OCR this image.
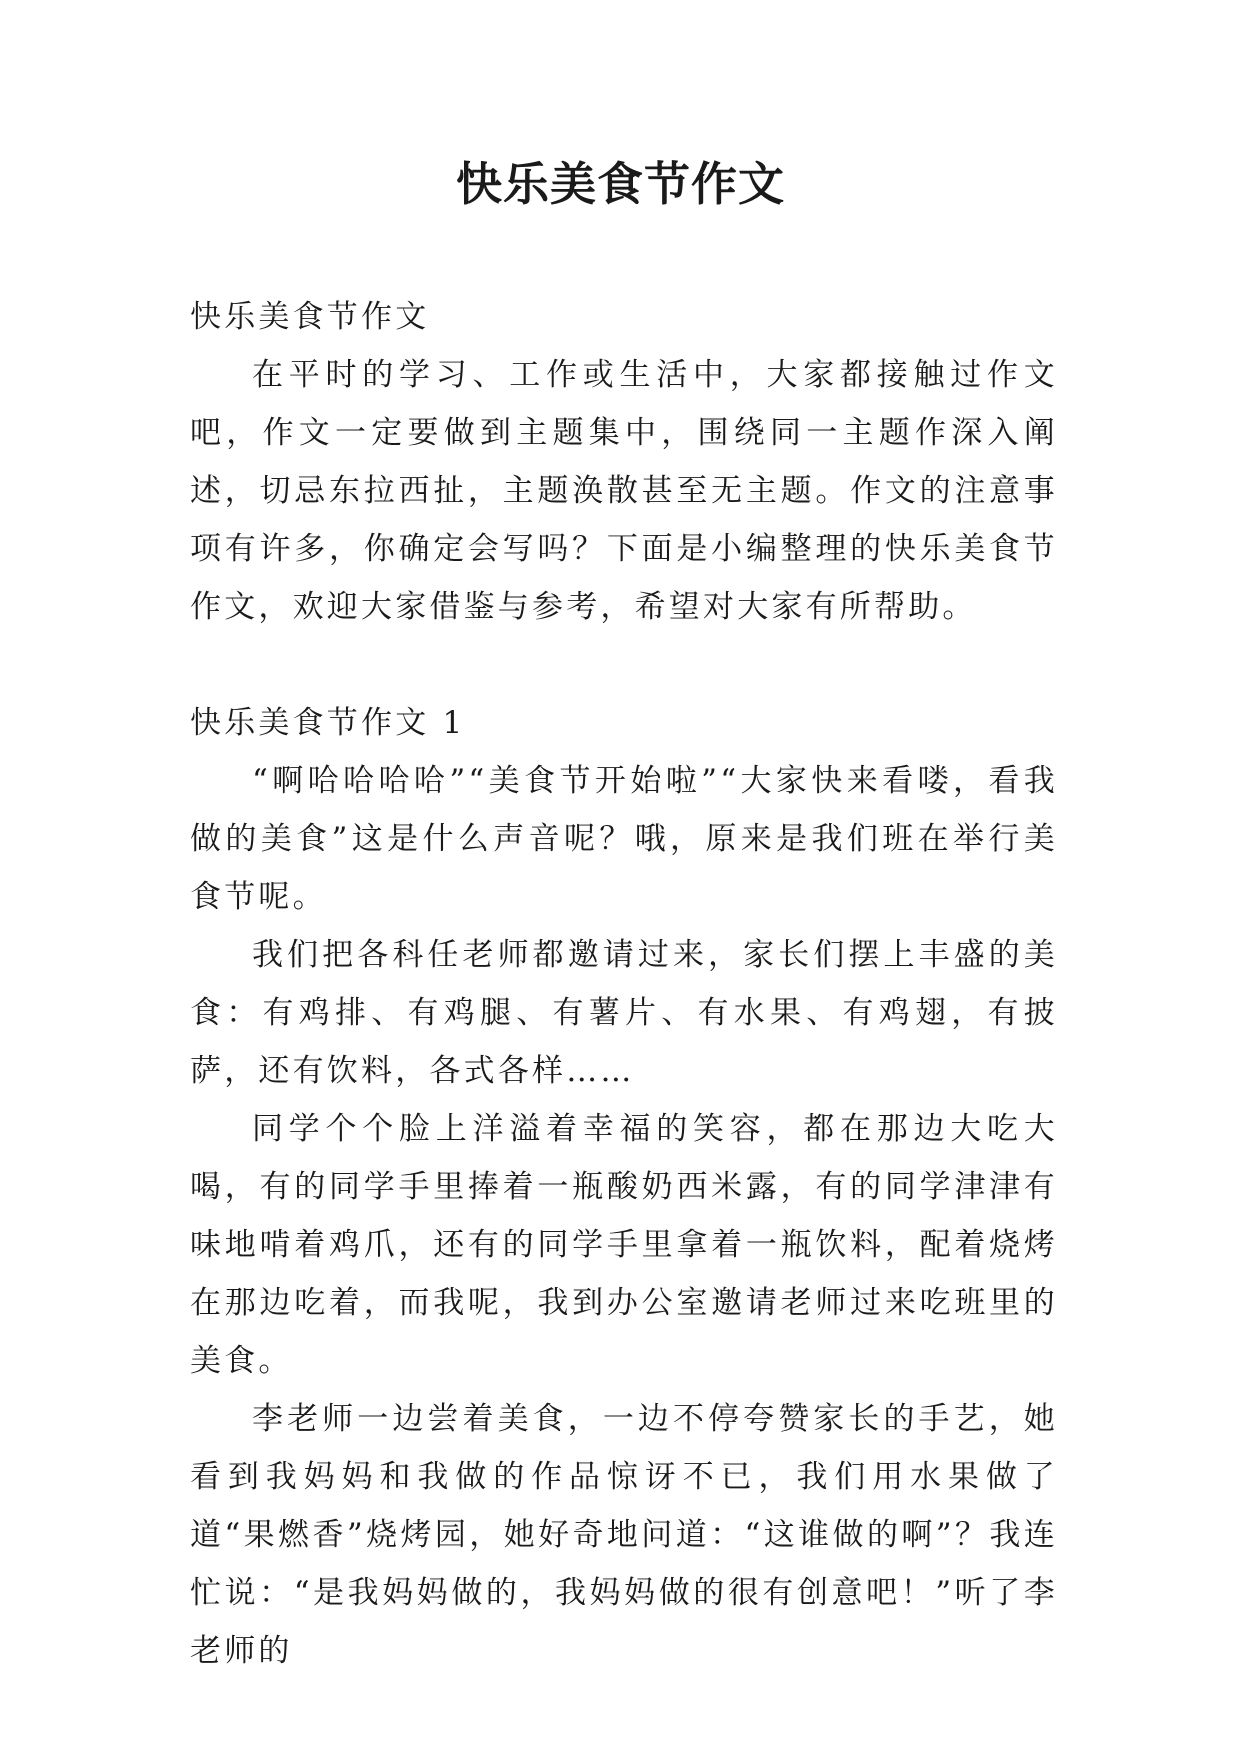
快乐美食节作文

快乐美食节作文

在平时的学习、工作或生活中，大家都接触过作文吧，作文一定要做到主题集中，围绕同一主题作深入阐述，切忌东拉西扯，主题涣散甚至无主题。作文的注意事项有许多，你确定会写吗？下面是小编整理的快乐美食节作文，欢迎大家借鉴与参考，希望对大家有所帮助。

快乐美食节作文 1

“啊哈哈哈哈”“美食节开始啦”“大家快来看喽，看我做的美食”这是什么声音呢？哦，原来是我们班在举行美食节呢。

我们把各科任老师都邀请过来，家长们摆上丰盛的美食：有鸡排、有鸡腿、有薯片、有水果、有鸡翅，有披萨，还有饮料，各式各样……

同学个个脸上洋溢着幸福的笑容，都在那边大吃大喝，有的同学手里捧着一瓶酸奶西米露，有的同学津津有味地啃着鸡爪，还有的同学手里拿着一瓶饮料，配着烧烤在那边吃着，而我呢，我到办公室邀请老师过来吃班里的美食。

李老师一边尝着美食，一边不停夸赞家长的手艺，她看到我妈妈和我做的作品惊讶不已，我们用水果做了道“果燃香”烧烤园，她好奇地问道：“这谁做的啊”？我连忙说：“是我妈妈做的，我妈妈做的很有创意吧！”听了李老师的
